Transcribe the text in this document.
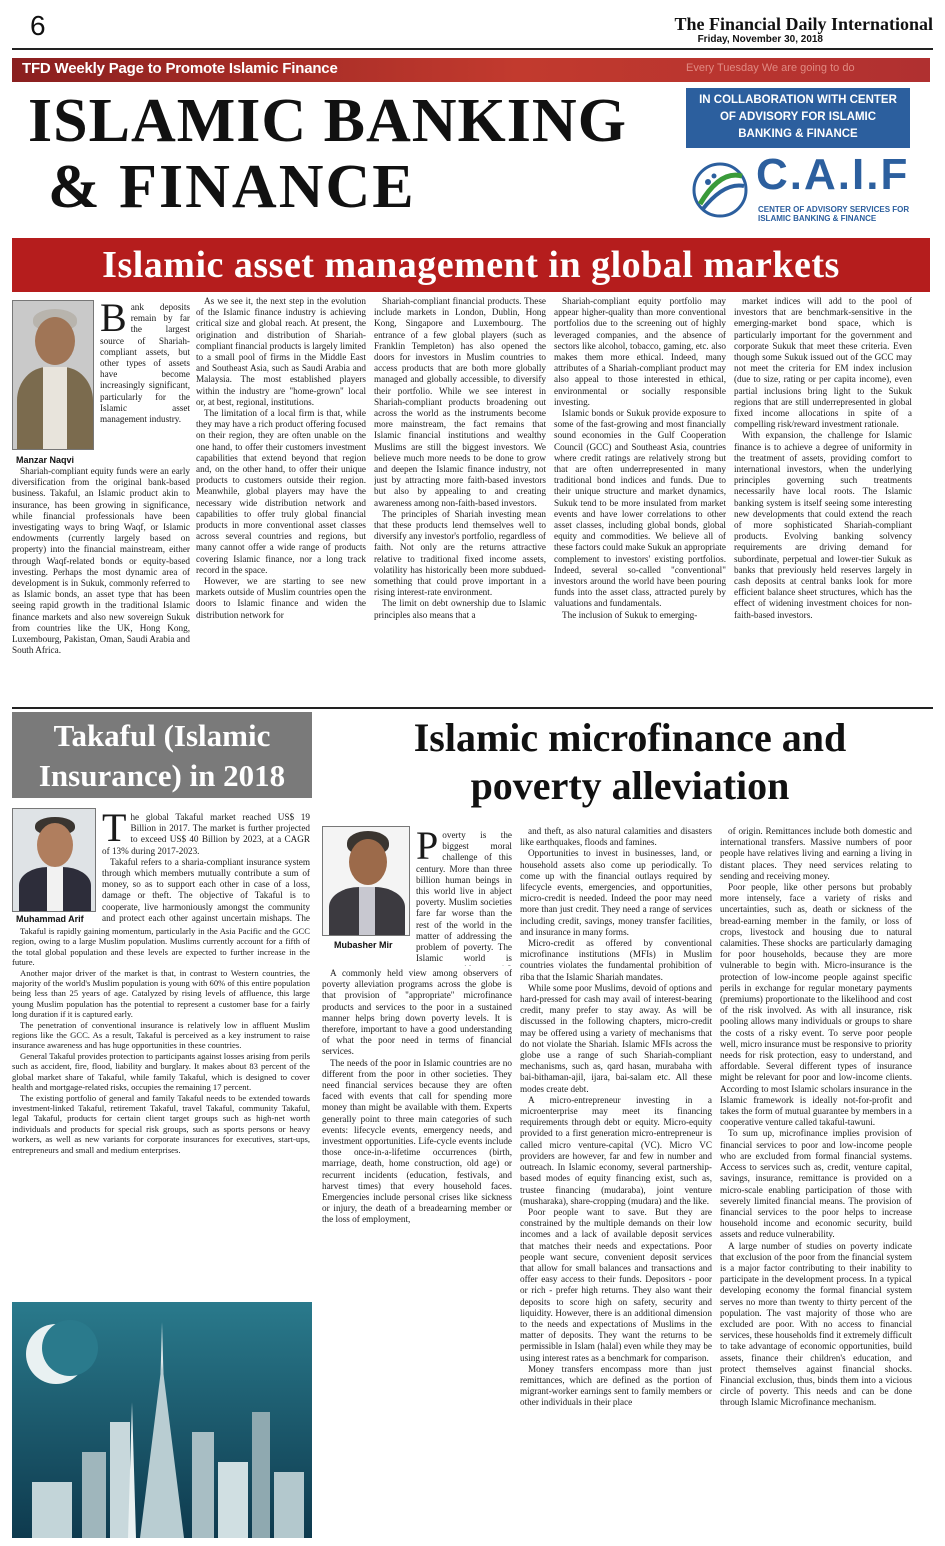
6	The Financial Daily International
Friday, November 30, 2018
TFD Weekly Page to Promote Islamic Finance	Every Tuesday We are going to do
ISLAMIC BANKING
& FINANCE
IN COLLABORATION WITH CENTER
OF ADVISORY FOR ISLAMIC
BANKING & FINANCE
C.A.I.F
CENTER OF ADVISORY SERVICES FOR
ISLAMIC BANKING & FINANCE
Islamic asset management in global markets
Manzar Naqvi
B ank deposits remain by far the largest source of Shariah-compliant assets, but other types of assets have become increasingly significant, particularly for the Islamic asset management industry.

Shariah-compliant equity funds were an early diversification from the original bank-based business. Takaful, an Islamic product akin to insurance, has been growing in significance, while financial professionals have been investigating ways to bring Waqf, or Islamic endowments (currently largely based on property) into the financial mainstream, either through Waqf-related bonds or equity-based investing. Perhaps the most dynamic area of development is in Sukuk, commonly referred to as Islamic bonds, an asset type that has been seeing rapid growth in the traditional Islamic finance markets and also new sovereign Sukuk from countries like the UK, Hong Kong, Luxembourg, Pakistan, Oman, Saudi Arabia and South Africa.

As we see it, the next step in the evolution of the Islamic finance industry is achieving critical size and global reach. At present, the origination and distribution of Shariah-compliant financial products is largely limited to a small pool of firms in the Middle East and Southeast Asia, such as Saudi Arabia and Malaysia. The most established players within the industry are "home-grown" local or, at best, regional, institutions.

The limitation of a local firm is that, while they may have a rich product offering focused on their region, they are often unable on the one hand, to offer their customers investment capabilities that extend beyond that region and, on the other hand, to offer their unique products to customers outside their region. Meanwhile, global players may have the necessary wide distribution network and capabilities to offer truly global financial products in more conventional asset classes across several countries and regions, but many cannot offer a wide range of products covering Islamic finance, nor a long track record in the space.

However, we are starting to see new markets outside of Muslim countries open the doors to Islamic finance and widen the distribution network for

Shariah-compliant financial products. These include markets in London, Dublin, Hong Kong, Singapore and Luxembourg. The entrance of a few global players (such as Franklin Templeton) has also opened the doors for investors in Muslim countries to access products that are both more globally managed and globally accessible, to diversify their portfolio. While we see interest in Shariah-compliant products broadening out across the world as the instruments become more mainstream, the fact remains that Islamic financial institutions and wealthy Muslims are still the biggest investors. We believe much more needs to be done to grow and deepen the Islamic finance industry, not just by attracting more faith-based investors but also by appealing to and creating awareness among non-faith-based investors.

The principles of Shariah investing mean that these products lend themselves well to diversify any investor's portfolio, regardless of faith. Not only are the returns attractive relative to traditional fixed income assets, volatility has historically been more subdued-something that could prove important in a rising interest-rate environment.

The limit on debt ownership due to Islamic principles also means that a

Shariah-compliant equity portfolio may appear higher-quality than more conventional portfolios due to the screening out of highly leveraged companies, and the absence of sectors like alcohol, tobacco, gaming, etc. also makes them more ethical. Indeed, many attributes of a Shariah-compliant product may also appeal to those interested in ethical, environmental or socially responsible investing.

Islamic bonds or Sukuk provide exposure to some of the fast-growing and most financially sound economies in the Gulf Cooperation Council (GCC) and Southeast Asia, countries where credit ratings are relatively strong but that are often underrepresented in many traditional bond indices and funds. Due to their unique structure and market dynamics, Sukuk tend to be more insulated from market events and have lower correlations to other asset classes, including global bonds, global equity and commodities. We believe all of these factors could make Sukuk an appropriate complement to investors' existing portfolios. Indeed, several so-called "conventional" investors around the world have been pouring funds into the asset class, attracted purely by valuations and fundamentals.

The inclusion of Sukuk to emerging-

market indices will add to the pool of investors that are benchmark-sensitive in the emerging-market bond space, which is particularly important for the government and corporate Sukuk that meet these criteria. Even though some Sukuk issued out of the GCC may not meet the criteria for EM index inclusion (due to size, rating or per capita income), even partial inclusions bring light to the Sukuk regions that are still underrepresented in global fixed income allocations in spite of a compelling risk/reward investment rationale.

With expansion, the challenge for Islamic finance is to achieve a degree of uniformity in the treatment of assets, providing comfort to international investors, when the underlying principles governing such treatments necessarily have local roots. The Islamic banking system is itself seeing some interesting new developments that could extend the reach of more sophisticated Shariah-compliant products. Evolving banking solvency requirements are driving demand for subordinate, perpetual and lower-tier Sukuk as banks that previously held reserves largely in cash deposits at central banks look for more efficient balance sheet structures, which has the effect of widening investment choices for non-faith-based investors.

Takaful (Islamic
Insurance) in 2018
Muhammad Arif
T he global Takaful market reached US$ 19 Billion in 2017. The market is further projected to exceed US$ 40 Billion by 2023, at a CAGR of 13% during 2017-2023.

Takaful refers to a sharia-compliant insurance system through which members mutually contribute a sum of money, so as to support each other in case of a loss, damage or theft. The objective of Takaful is to cooperate, live harmoniously amongst the community and protect each other against uncertain mishaps. The

Takaful is rapidly gaining momentum, particularly in the Asia Pacific and the GCC region, owing to a large Muslim population. Muslims currently account for a fifth of the total global population and these levels are expected to further increase in the future.

Another major driver of the market is that, in contrast to Western countries, the majority of the world's Muslim population is young with 60% of this entire population being less than 25 years of age. Catalyzed by rising levels of affluence, this large young Muslim population has the potential to represent a customer base for a fairly long duration if it is captured early.

The penetration of conventional insurance is relatively low in affluent Muslim regions like the GCC. As a result, Takaful is perceived as a key instrument to raise insurance awareness and has huge opportunities in these countries.

General Takaful provides protection to participants against losses arising from perils such as accident, fire, flood, liability and burglary. It makes about 83 percent of the global market share of Takaful, while family Takaful, which is designed to cover health and mortgage-related risks, occupies the remaining 17 percent.

The existing portfolio of general and family Takaful needs to be extended towards investment-linked Takaful, retirement Takaful, travel Takaful, community Takaful, legal Takaful, products for certain client target groups such as high-net worth individuals and products for special risk groups, such as sports persons or heavy workers, as well as new variants for corporate insurances for executives, start-ups, entrepreneurs and small and medium enterprises.

Islamic microfinance and
poverty alleviation
Mubasher Mir
P overty is the biggest moral challenge of this century. More than three billion human beings in this world live in abject poverty. Muslim societies fare far worse than the rest of the world in the matter of addressing the problem of poverty. The Islamic world is

A commonly held view among observers of poverty alleviation programs across the globe is that provision of "appropriate" microfinance products and services to the poor in a sustained manner helps bring down poverty levels. It is therefore, important to have a good understanding of what the poor need in terms of financial services.

The needs of the poor in Islamic countries are no different from the poor in other societies. They need financial services because they are often faced with events that call for spending more money than might be available with them. Experts generally point to three main categories of such events: lifecycle events, emergency needs, and investment opportunities. Life-cycle events include those once-in-a-lifetime occurrences (birth, marriage, death, home construction, old age) or recurrent incidents (education, festivals, and harvest times) that every household faces. Emergencies include personal crises like sickness or injury, the death of a breadearning member or the loss of employment,

and theft, as also natural calamities and disasters like earthquakes, floods and famines.

Opportunities to invest in businesses, land, or household assets also come up periodically. To come up with the financial outlays required by lifecycle events, emergencies, and opportunities, micro-credit is needed. Indeed the poor may need more than just credit. They need a range of services including credit, savings, money transfer facilities, and insurance in many forms.

Micro-credit as offered by conventional microfinance institutions (MFIs) in Muslim countries violates the fundamental prohibition of riba that the Islamic Shariah mandates.

While some poor Muslims, devoid of options and hard-pressed for cash may avail of interest-bearing credit, many prefer to stay away. As will be discussed in the following chapters, micro-credit may be offered using a variety of mechanisms that do not violate the Shariah. Islamic MFIs across the globe use a range of such Shariah-compliant mechanisms, such as, qard hasan, murabaha with bai-bithaman-ajil, ijara, bai-salam etc. All these modes create debt.

A micro-entrepreneur investing in a microenterprise may meet its financing requirements through debt or equity. Micro-equity provided to a first generation micro-entrepreneur is called micro venture-capital (VC). Micro VC providers are however, far and few in number and outreach. In Islamic economy, several partnership-based modes of equity financing exist, such as, trustee financing (mudaraba), joint venture (musharaka), share-cropping (mudara) and the like.

Poor people want to save. But they are constrained by the multiple demands on their low incomes and a lack of available deposit services that matches their needs and expectations. Poor people want secure, convenient deposit services that allow for small balances and transactions and offer easy access to their funds. Depositors - poor or rich - prefer high returns. They also want their deposits to score high on safety, security and liquidity. However, there is an additional dimension to the needs and expectations of Muslims in the matter of deposits. They want the returns to be permissible in Islam (halal) even while they may be using interest rates as a benchmark for comparison.

Money transfers encompass more than just remittances, which are defined as the portion of migrant-worker earnings sent to family members or other individuals in their place

of origin. Remittances include both domestic and international transfers. Massive numbers of poor people have relatives living and earning a living in distant places. They need services relating to sending and receiving money.

Poor people, like other persons but probably more intensely, face a variety of risks and uncertainties, such as, death or sickness of the bread-earning member in the family, or loss of crops, livestock and housing due to natural calamities. These shocks are particularly damaging for poor households, because they are more vulnerable to begin with. Micro-insurance is the protection of low-income people against specific perils in exchange for regular monetary payments (premiums) proportionate to the likelihood and cost of the risk involved. As with all insurance, risk pooling allows many individuals or groups to share the costs of a risky event. To serve poor people well, micro insurance must be responsive to priority needs for risk protection, easy to understand, and affordable. Several different types of insurance might be relevant for poor and low-income clients. According to most Islamic scholars insurance in the Islamic framework is ideally not-for-profit and takes the form of mutual guarantee by members in a cooperative venture called takaful-tawuni.

To sum up, microfinance implies provision of financial services to poor and low-income people who are excluded from formal financial systems. Access to services such as, credit, venture capital, savings, insurance, remittance is provided on a micro-scale enabling participation of those with severely limited financial means. The provision of financial services to the poor helps to increase household income and economic security, build assets and reduce vulnerability.

A large number of studies on poverty indicate that exclusion of the poor from the financial system is a major factor contributing to their inability to participate in the development process. In a typical developing economy the formal financial system serves no more than twenty to thirty percent of the population. The vast majority of those who are excluded are poor. With no access to financial services, these households find it extremely difficult to take advantage of economic opportunities, build assets, finance their children's education, and protect themselves against financial shocks. Financial exclusion, thus, binds them into a vicious circle of poverty. This needs and can be done through Islamic Microfinance mechanism.
